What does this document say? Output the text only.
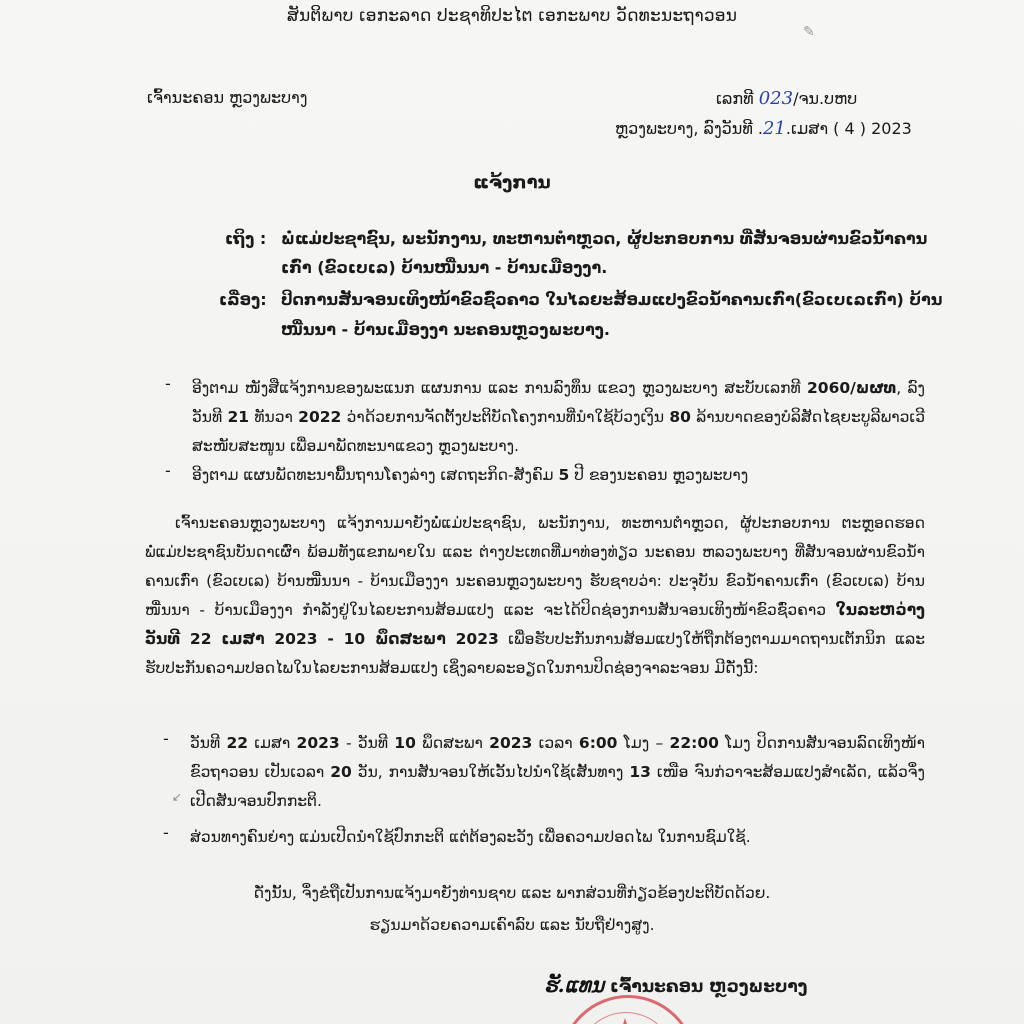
ສັນຕິພາບ ເອກະລາດ ປະຊາທິປະໄຕ ເອກະພາບ ວັດທະນະຖາວອນ
✎
ເຈົ້ານະຄອນ ຫຼວງພະບາງ	ເລກທີ 023/ຈນ.ບຫບ
ຫຼວງພະບາງ, ລົງວັນທີ .21.ເມສາ ( 4 ) 2023
ແຈ້ງການ
ເຖິງ : ພໍ່ແມ່ປະຊາຊົນ, ພະນັກງານ, ທະຫານຕຳຫຼວດ, ຜູ້ປະກອບການ ທີ່ສັນຈອນຜ່ານຂົວນ້ຳຄານ
ເກົ່າ (ຂົວເບເລ) ບ້ານໜື່ນນາ - ບ້ານເມືອງງາ.
ເລື່ອງ: ປິດການສັນຈອນເທິງໜ້າຂົວຊົ່ວຄາວ ໃນໄລຍະສ້ອມແປງຂົວນ້ຳຄານເກົ່າ(ຂົວເບເລເກົ່າ) ບ້ານ
ໜື່ນນາ - ບ້ານເມືອງງາ ນະຄອນຫຼວງພະບາງ.
- ອີງຕາມ ໜັງສືແຈ້ງການຂອງພະແນກ ແຜນການ ແລະ ການລົງທຶນ ແຂວງ ຫຼວງພະບາງ ສະບັບເລກທີ 2060/ພຜທ, ລົງວັນທີ 21 ທັນວາ 2022 ວ່າດ້ວຍການຈັດຕັ້ງປະຕິບັດໂຄງການທີ່ນຳໃຊ້ບ້ວງເງິນ 80 ລ້ານບາດຂອງບໍລິສັດໄຊຍະບູລີພາວເວີ ສະໜັບສະໜູນ ເພື່ອມາພັດທະນາແຂວງ ຫຼວງພະບາງ.
- ອີງຕາມ ແຜນພັດທະນາພື້ນຖານໂຄງລ່າງ ເສດຖະກິດ-ສັງຄົມ 5 ປີ ຂອງນະຄອນ ຫຼວງພະບາງ
ເຈົ້ານະຄອນຫຼວງພະບາງ ແຈ້ງການມາຍັງພໍ່ແມ່ປະຊາຊົນ, ພະນັກງານ, ທະຫານຕຳຫຼວດ, ຜູ້ປະກອບການ ຕະຫຼອດຮອດ ພໍ່ແມ່ປະຊາຊົນບັນດາເຜົ່າ ພ້ອມທັງແຂກພາຍໃນ ແລະ ຕ່າງປະເທດທີ່ມາທ່ອງທ່ຽວ ນະຄອນ ຫລວງພະບາງ ທີ່ສັນຈອນຜ່ານຂົວນ້ຳຄານເກົ່າ (ຂົວເບເລ) ບ້ານໜື່ນນາ - ບ້ານເມືອງງາ ນະຄອນຫຼວງພະບາງ ຮັບຊາບວ່າ: ປະຈຸບັນ ຂົວນ້ຳຄານເກົ່າ (ຂົວເບເລ) ບ້ານໜື່ນນາ - ບ້ານເມືອງງາ ກຳລັງຢູ່ໃນໄລຍະການສ້ອມແປງ ແລະ ຈະໄດ້ປິດຊ່ອງການສັນຈອນເທິງໜ້າຂົວຊົ່ວຄາວ ໃນລະຫວ່າງວັນທີ 22 ເມສາ 2023 - 10 ພຶດສະພາ 2023 ເພື່ອຮັບປະກັນການສ້ອມແປງໃຫ້ຖືກຕ້ອງຕາມມາດຖານເຕັກນິກ ແລະ ຮັບປະກັນຄວາມປອດໄພໃນໄລຍະການສ້ອມແປງ ເຊິ່ງລາຍລະອຽດໃນການປິດຊ່ອງຈາລະຈອນ ມີດັ່ງນີ້:
- ວັນທີ 22 ເມສາ 2023 - ວັນທີ 10 ພຶດສະພາ 2023 ເວລາ 6:00 ໂມງ – 22:00 ໂມງ ປິດການສັນຈອນລົດເທິງໜ້າຂົວຖາວອນ ເປັນເວລາ 20 ວັນ, ການສັນຈອນໃຫ້ເວັ້ນໄປນຳໃຊ້ເສັ້ນທາງ 13 ເໜືອ ຈົນກ່ວາຈະສ້ອມແປງສຳເລັດ, ແລ້ວຈຶ່ງເປີດສັນຈອນປົກກະຕິ.
↙
- ສ່ວນທາງຄົນຍ່າງ ແມ່ນເປີດນຳໃຊ້ປົກກະຕິ ແຕ່ຕ້ອງລະວັງ ເພື່ອຄວາມປອດໄພ ໃນການຊົມໃຊ້.
ດັ່ງນັ້ນ, ຈຶ່ງຂໍຖືເປັນການແຈ້ງມາຍັງທ່ານຊາບ ແລະ ພາກສ່ວນທີ່ກ່ຽວຂ້ອງປະຕິບັດດ້ວຍ.
ຮຽນມາດ້ວຍຄວາມເຄົາລົບ ແລະ ນັບຖືຢ່າງສູງ.
ຮັ.ແທນ ເຈົ້ານະຄອນ ຫຼວງພະບາງ
